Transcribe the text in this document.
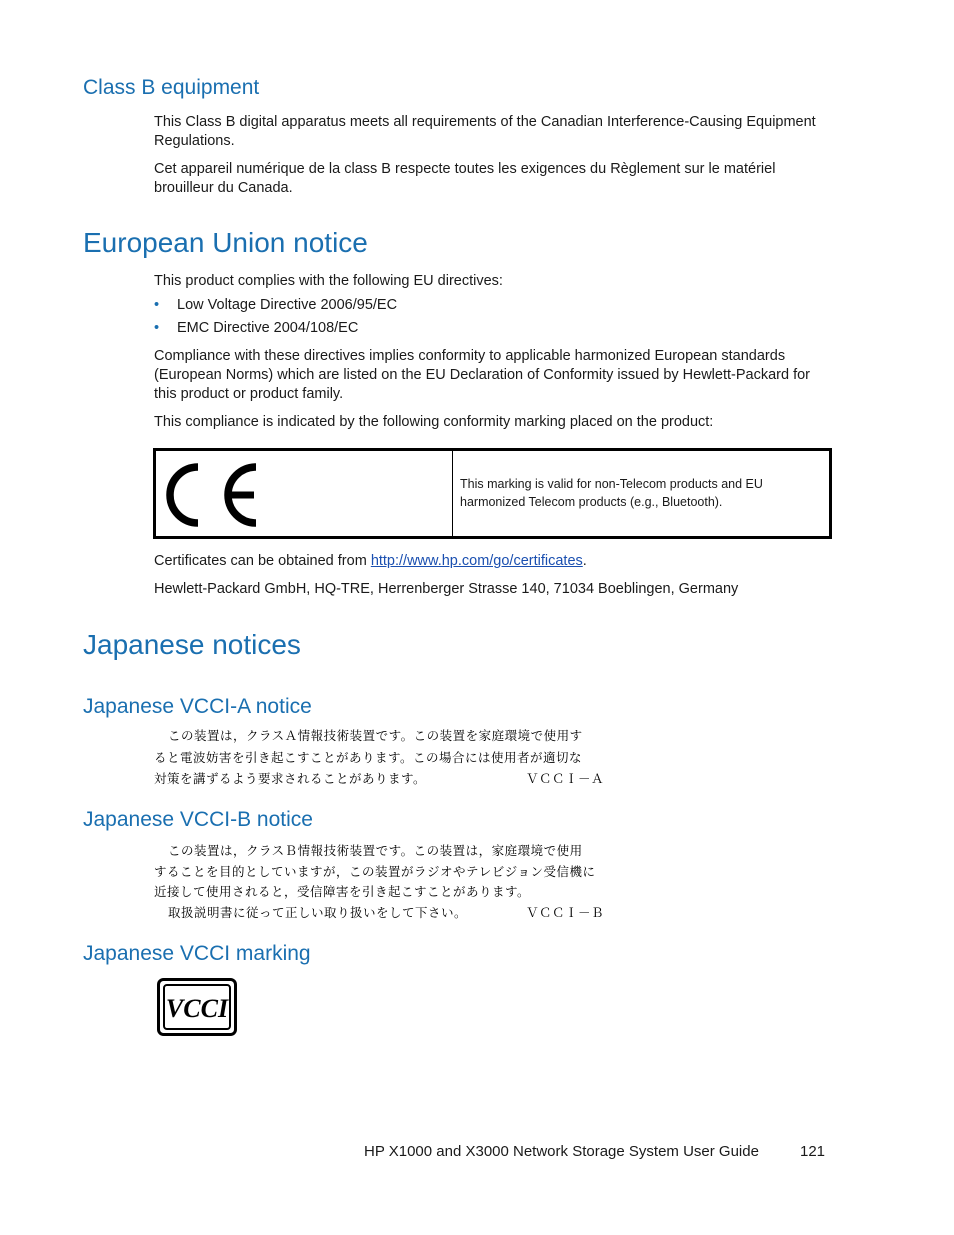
Class B equipment

This Class B digital apparatus meets all requirements of the Canadian Interference-Causing Equipment Regulations.

Cet appareil numérique de la class B respecte toutes les exigences du Règlement sur le matériel brouilleur du Canada.

European Union notice

This product complies with the following EU directives:

• Low Voltage Directive 2006/95/EC
• EMC Directive 2004/108/EC

Compliance with these directives implies conformity to applicable harmonized European standards (European Norms) which are listed on the EU Declaration of Conformity issued by Hewlett-Packard for this product or product family.

This compliance is indicated by the following conformity marking placed on the product:

This marking is valid for non-Telecom products and EU harmonized Telecom products (e.g., Bluetooth).

Certificates can be obtained from http://www.hp.com/go/certificates.

Hewlett-Packard GmbH, HQ-TRE, Herrenberger Strasse 140, 71034 Boeblingen, Germany

Japanese notices
Japanese VCCI-A notice
この装置は，クラスＡ情報技術装置です。この装置を家庭環境で使用す
ると電波妨害を引き起こすことがあります。この場合には使用者が適切な
対策を講ずるよう要求されることがあります。	ＶＣＣＩ－Ａ
Japanese VCCI-B notice
この装置は，クラスＢ情報技術装置です。この装置は，家庭環境で使用
することを目的としていますが，この装置がラジオやテレビジョン受信機に
近接して使用されると，受信障害を引き起こすことがあります。
取扱説明書に従って正しい取り扱いをして下さい。	ＶＣＣＩ－Ｂ
Japanese VCCI marking
VCCI
HP X1000 and X3000 Network Storage System User Guide	121
